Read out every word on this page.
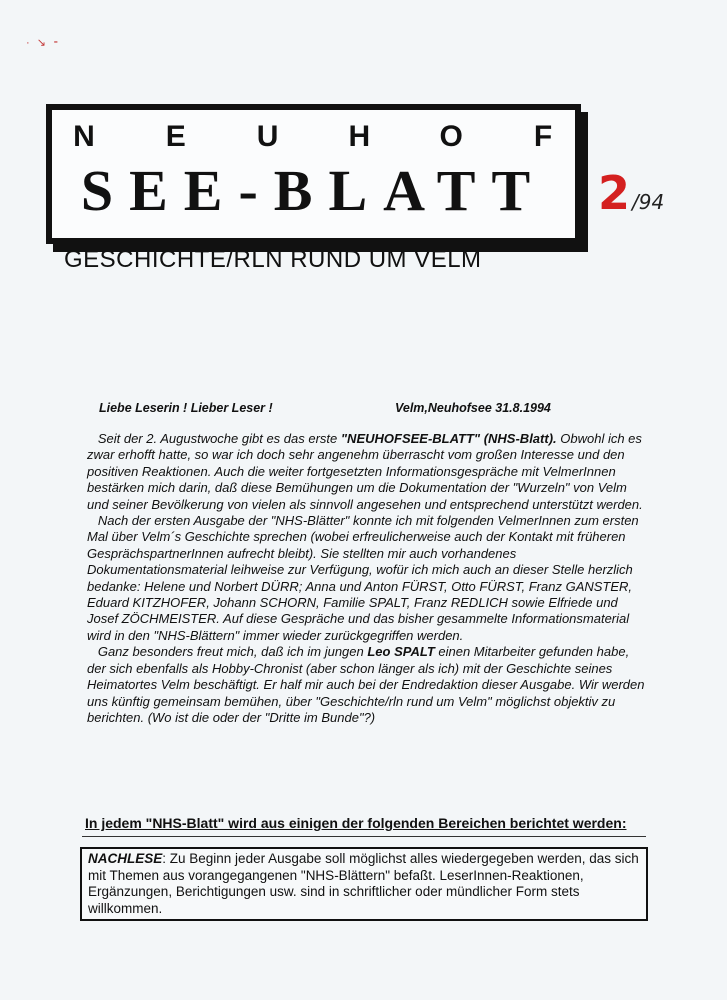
· ↘ ⁃
N	E	U	H	O	F
SEE-BLATT	2 /94
GESCHICHTE/RLN RUND UM VELM
Liebe Leserin ! Lieber Leser !	Velm,Neuhofsee 31.8.1994

Seit der 2. Augustwoche gibt es das erste "NEUHOFSEE-BLATT" (NHS-Blatt). Obwohl ich es zwar erhofft hatte, so war ich doch sehr angenehm überrascht vom großen Interesse und den positiven Reaktionen. Auch die weiter fortgesetzten Informationsgespräche mit VelmerInnen bestärken mich darin, daß diese Bemühungen um die Dokumentation der "Wurzeln" von Velm und seiner Bevölkerung von vielen als sinnvoll angesehen und entsprechend unterstützt werden.

Nach der ersten Ausgabe der "NHS-Blätter" konnte ich mit folgenden VelmerInnen zum ersten Mal über Velm´s Geschichte sprechen (wobei erfreulicherweise auch der Kontakt mit früheren GesprächspartnerInnen aufrecht bleibt). Sie stellten mir auch vorhandenes Dokumentationsmaterial leihweise zur Verfügung, wofür ich mich auch an dieser Stelle herzlich bedanke: Helene und Norbert DÜRR; Anna und Anton FÜRST, Otto FÜRST, Franz GANSTER, Eduard KITZHOFER, Johann SCHORN, Familie SPALT, Franz REDLICH sowie Elfriede und Josef ZÖCHMEISTER. Auf diese Gespräche und das bisher gesammelte Informationsmaterial wird in den "NHS-Blättern" immer wieder zurückgegriffen werden.

Ganz besonders freut mich, daß ich im jungen Leo SPALT einen Mitarbeiter gefunden habe, der sich ebenfalls als Hobby-Chronist (aber schon länger als ich) mit der Geschichte seines Heimatortes Velm beschäftigt. Er half mir auch bei der Endredaktion dieser Ausgabe. Wir werden uns künftig gemeinsam bemühen, über "Geschichte/rln rund um Velm" möglichst objektiv zu berichten. (Wo ist die oder der "Dritte im Bunde"?)

In jedem "NHS-Blatt" wird aus einigen der folgenden Bereichen berichtet werden:
NACHLESE: Zu Beginn jeder Ausgabe soll möglichst alles wiedergegeben werden, das sich mit Themen aus vorangegangenen "NHS-Blättern" befaßt. LeserInnen-Reaktionen, Ergänzungen, Berichtigungen usw. sind in schriftlicher oder mündlicher Form stets willkommen.
